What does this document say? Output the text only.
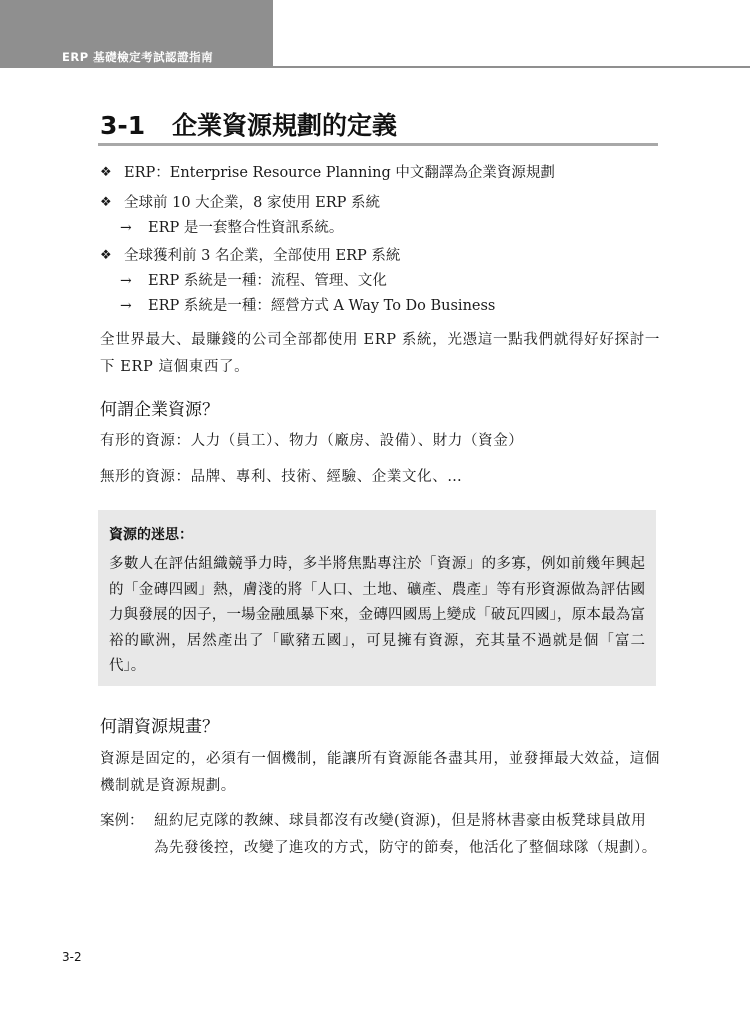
ERP 基礎檢定考試認證指南
3-1 企業資源規劃的定義
❖ ERP：Enterprise Resource Planning 中文翻譯為企業資源規劃
❖ 全球前 10 大企業，8 家使用 ERP 系統
→ ERP 是一套整合性資訊系統。
❖ 全球獲利前 3 名企業，全部使用 ERP 系統
→ ERP 系統是一種：流程、管理、文化
→ ERP 系統是一種：經營方式 A Way To Do Business
全世界最大、最賺錢的公司全部都使用 ERP 系統，光憑這一點我們就得好好探討一下 ERP 這個東西了。
何謂企業資源？
有形的資源：人力（員工）、物力（廠房、設備）、財力（資金）
無形的資源：品牌、專利、技術、經驗、企業文化、…
資源的迷思：
多數人在評估組織競爭力時，多半將焦點專注於「資源」的多寡，例如前幾年興起的「金磚四國」熱，膚淺的將「人口、土地、礦產、農產」等有形資源做為評估國力與發展的因子，一場金融風暴下來，金磚四國馬上變成「破瓦四國」，原本最為富裕的歐洲，居然產出了「歐豬五國」，可見擁有資源，充其量不過就是個「富二代」。
何謂資源規畫？
資源是固定的，必須有一個機制，能讓所有資源能各盡其用，並發揮最大效益，這個機制就是資源規劃。
案例： 紐約尼克隊的教練、球員都沒有改變(資源)，但是將林書豪由板凳球員啟用為先發後控，改變了進攻的方式，防守的節奏，他活化了整個球隊（規劃）。
3-2
